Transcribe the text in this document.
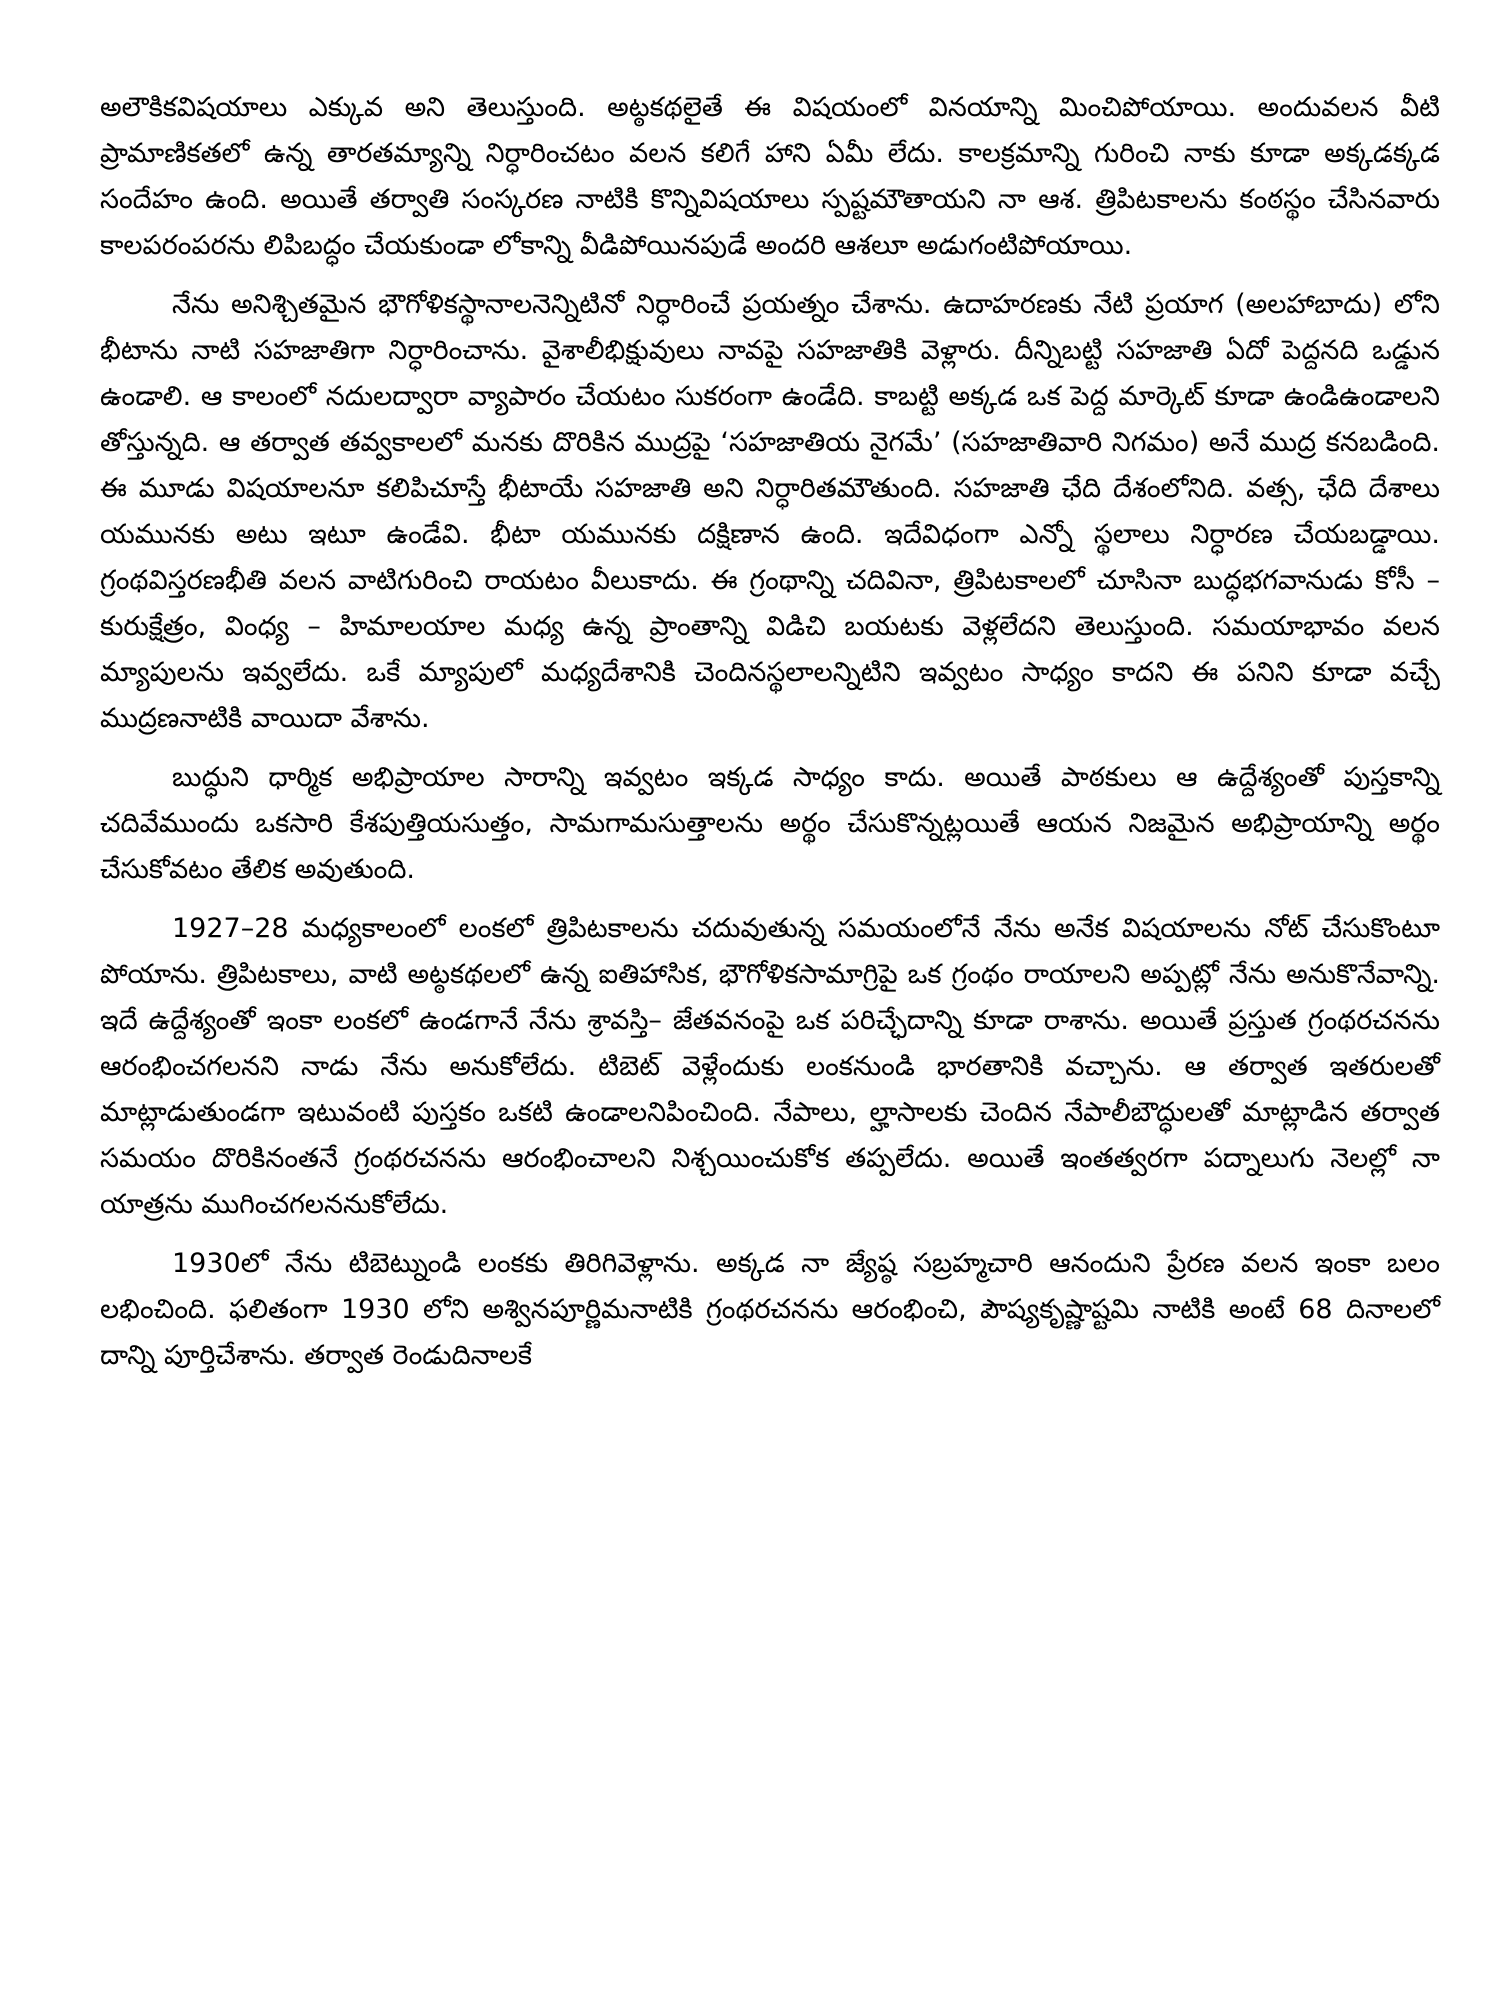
అలౌకికవిషయాలు ఎక్కువ అని తెలుస్తుంది. అట్ఠకథలైతే ఈ విషయంలో వినయాన్ని మించిపోయాయి. అందువలన వీటి ప్రామాణికతలో ఉన్న తారతమ్యాన్ని నిర్ధారించటం వలన కలిగే హాని ఏమీ లేదు. కాలక్రమాన్ని గురించి నాకు కూడా అక్కడక్కడ సందేహం ఉంది. అయితే తర్వాతి సంస్కరణ నాటికి కొన్నివిషయాలు స్పష్టమౌతాయని నా ఆశ. త్రిపిటకాలను కంఠస్థం చేసినవారు కాలపరంపరను లిపిబద్ధం చేయకుండా లోకాన్ని వీడిపోయినపుడే అందరి ఆశలూ అడుగంటిపోయాయి.

నేను అనిశ్చితమైన భౌగోళికస్థానాలనెన్నిటినో నిర్ధారించే ప్రయత్నం చేశాను. ఉదాహరణకు నేటి ప్రయాగ (అలహాబాదు) లోని భీటాను నాటి సహజాతిగా నిర్ధారించాను. వైశాలీభిక్షువులు నావపై సహజాతికి వెళ్లారు. దీన్నిబట్టి సహజాతి ఏదో పెద్దనది ఒడ్డున ఉండాలి. ఆ కాలంలో నదులద్వారా వ్యాపారం చేయటం సుకరంగా ఉండేది. కాబట్టి అక్కడ ఒక పెద్ద మార్కెట్ కూడా ఉండిఉండాలని తోస్తున్నది. ఆ తర్వాత తవ్వకాలలో మనకు దొరికిన ముద్రపై ‘సహజాతియ నైగమే’ (సహజాతివారి నిగమం) అనే ముద్ర కనబడింది. ఈ మూడు విషయాలనూ కలిపిచూస్తే భీటాయే సహజాతి అని నిర్ధారితమౌతుంది. సహజాతి ఛేది దేశంలోనిది. వత్స, ఛేది దేశాలు యమునకు అటు ఇటూ ఉండేవి. భీటా యమునకు దక్షిణాన ఉంది. ఇదేవిధంగా ఎన్నో స్థలాలు నిర్ధారణ చేయబడ్డాయి. గ్రంథవిస్తరణభీతి వలన వాటిగురించి రాయటం వీలుకాదు. ఈ గ్రంథాన్ని చదివినా, త్రిపిటకాలలో చూసినా బుద్ధభగవానుడు కోసీ – కురుక్షేత్రం, వింధ్య – హిమాలయాల మధ్య ఉన్న ప్రాంతాన్ని విడిచి బయటకు వెళ్లలేదని తెలుస్తుంది. సమయాభావం వలన మ్యాపులను ఇవ్వలేదు. ఒకే మ్యాపులో మధ్యదేశానికి చెందినస్థలాలన్నిటిని ఇవ్వటం సాధ్యం కాదని ఈ పనిని కూడా వచ్చే ముద్రణనాటికి వాయిదా వేశాను.

బుద్ధుని ధార్మిక అభిప్రాయాల సారాన్ని ఇవ్వటం ఇక్కడ సాధ్యం కాదు. అయితే పాఠకులు ఆ ఉద్దేశ్యంతో పుస్తకాన్ని చదివేముందు ఒకసారి కేశపుత్తియసుత్తం, సామగామసుత్తాలను అర్థం చేసుకొన్నట్లయితే ఆయన నిజమైన అభిప్రాయాన్ని అర్థం చేసుకోవటం తేలిక అవుతుంది.

1927–28 మధ్యకాలంలో లంకలో త్రిపిటకాలను చదువుతున్న సమయంలోనే నేను అనేక విషయాలను నోట్ చేసుకొంటూ పోయాను. త్రిపిటకాలు, వాటి అట్ఠకథలలో ఉన్న ఐతిహాసిక, భౌగోళికసామాగ్రిపై ఒక గ్రంథం రాయాలని అప్పట్లో నేను అనుకొనేవాన్ని. ఇదే ఉద్దేశ్యంతో ఇంకా లంకలో ఉండగానే నేను శ్రావస్తి– జేతవనంపై ఒక పరిచ్ఛేదాన్ని కూడా రాశాను. అయితే ప్రస్తుత గ్రంథరచనను ఆరంభించగలనని నాడు నేను అనుకోలేదు. టిబెట్ వెళ్లేందుకు లంకనుండి భారతానికి వచ్చాను. ఆ తర్వాత ఇతరులతో మాట్లాడుతుండగా ఇటువంటి పుస్తకం ఒకటి ఉండాలనిపించింది. నేపాలు, ల్హాసాలకు చెందిన నేపాలీబౌద్ధులతో మాట్లాడిన తర్వాత సమయం దొరికినంతనే గ్రంథరచనను ఆరంభించాలని నిశ్చయించుకోక తప్పలేదు. అయితే ఇంతత్వరగా పద్నాలుగు నెలల్లో నా యాత్రను ముగించగలననుకోలేదు.

1930లో నేను టిబెట్నుండి లంకకు తిరిగివెళ్లాను. అక్కడ నా జ్యేష్ఠ సబ్రహ్మచారి ఆనందుని ప్రేరణ వలన ఇంకా బలం లభించింది. ఫలితంగా 1930 లోని అశ్వినపూర్ణిమనాటికి గ్రంథరచనను ఆరంభించి, పౌష్యకృష్ణాష్టమి నాటికి అంటే 68 దినాలలో దాన్ని పూర్తిచేశాను. తర్వాత రెండుదినాలకే
